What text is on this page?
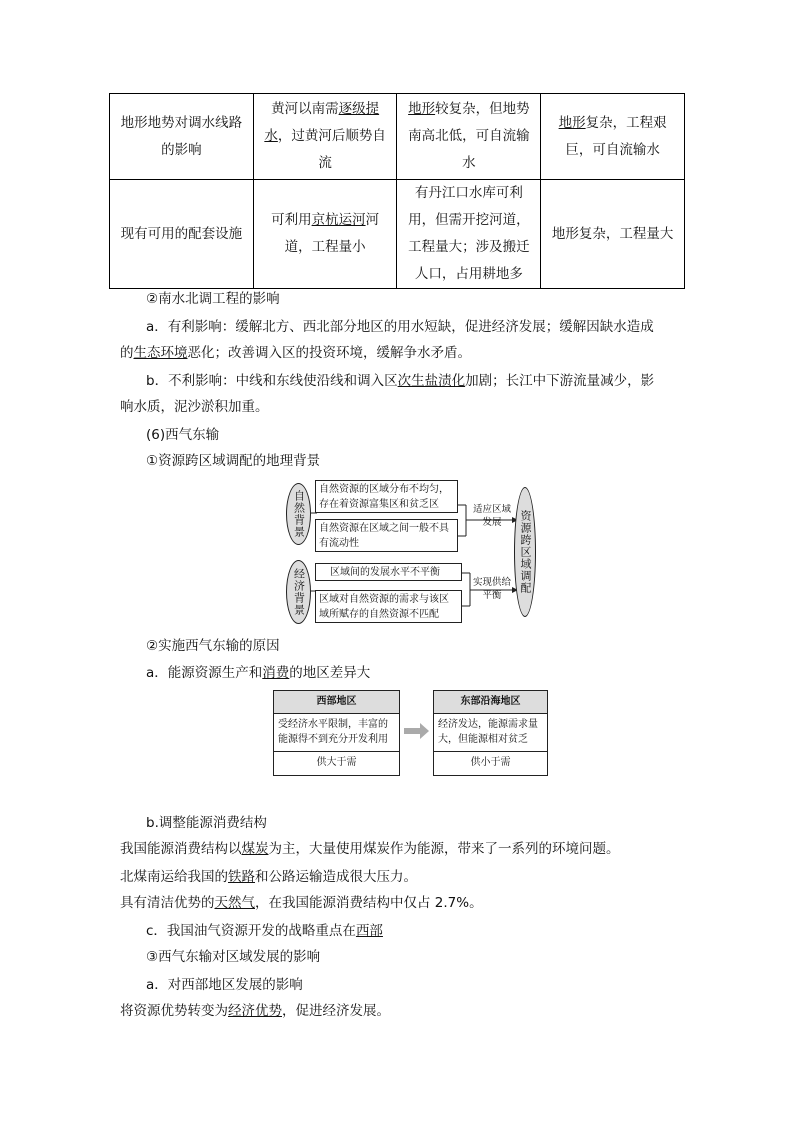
地形地势对调水线路的影响	黄河以南需逐级提水，过黄河后顺势自流	地形较复杂，但地势南高北低，可自流输水	地形复杂，工程艰巨，可自流输水
现有可用的配套设施	可利用京杭运河河道，工程量小	有丹江口水库可利用，但需开挖河道，工程量大；涉及搬迁人口，占用耕地多	地形复杂，工程量大
②南水北调工程的影响
a．有利影响：缓解北方、西北部分地区的用水短缺，促进经济发展；缓解因缺水造成
的生态环境恶化；改善调入区的投资环境，缓解争水矛盾。
b．不利影响：中线和东线使沿线和调入区次生盐渍化加剧；长江中下游流量减少，影
响水质，泥沙淤积加重。
(6)西气东输
①资源跨区域调配的地理背景
自然背景
经济背景	资源跨区域调配
自然资源的区域分布不均匀，存在着资源富集区和贫乏区
自然资源在区域之间一般不具有流动性
区域间的发展水平不平衡
区域对自然资源的需求与该区域所赋存的自然资源不匹配
适应区域发展
实现供给平衡
②实施西气东输的原因
a．能源资源生产和消费的地区差异大
西部地区
受经济水平限制，丰富的能源得不到充分开发利用
供大于需
东部沿海地区
经济发达，能源需求量大，但能源相对贫乏
供小于需
b.调整能源消费结构
我国能源消费结构以煤炭为主，大量使用煤炭作为能源，带来了一系列的环境问题。
北煤南运给我国的铁路和公路运输造成很大压力。
具有清洁优势的天然气，在我国能源消费结构中仅占 2.7%。
c．我国油气资源开发的战略重点在西部
③西气东输对区域发展的影响
a．对西部地区发展的影响
将资源优势转变为经济优势，促进经济发展。
